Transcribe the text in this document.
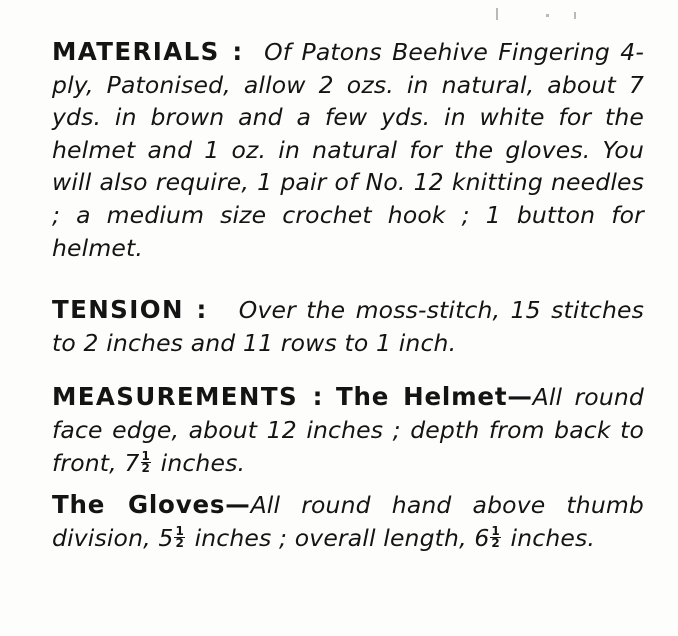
MATERIALS : Of Patons Beehive Fingering 4-ply, Patonised, allow 2 ozs. in natural, about 7 yds. in brown and a few yds. in white for the helmet and 1 oz. in natural for the gloves. You will also require, 1 pair of No. 12 knitting needles ; a medium size crochet hook ; 1 button for helmet.

TENSION : Over the moss-stitch, 15 stitches to 2 inches and 11 rows to 1 inch.

MEASUREMENTS : The Helmet—All round face edge, about 12 inches ; depth from back to front, $7 \frac{1}{2}$ inches.

The Gloves—All round hand above thumb division, $5 \frac{1}{2}$ inches ; overall length, $6 \frac{1}{2}$ inches.
